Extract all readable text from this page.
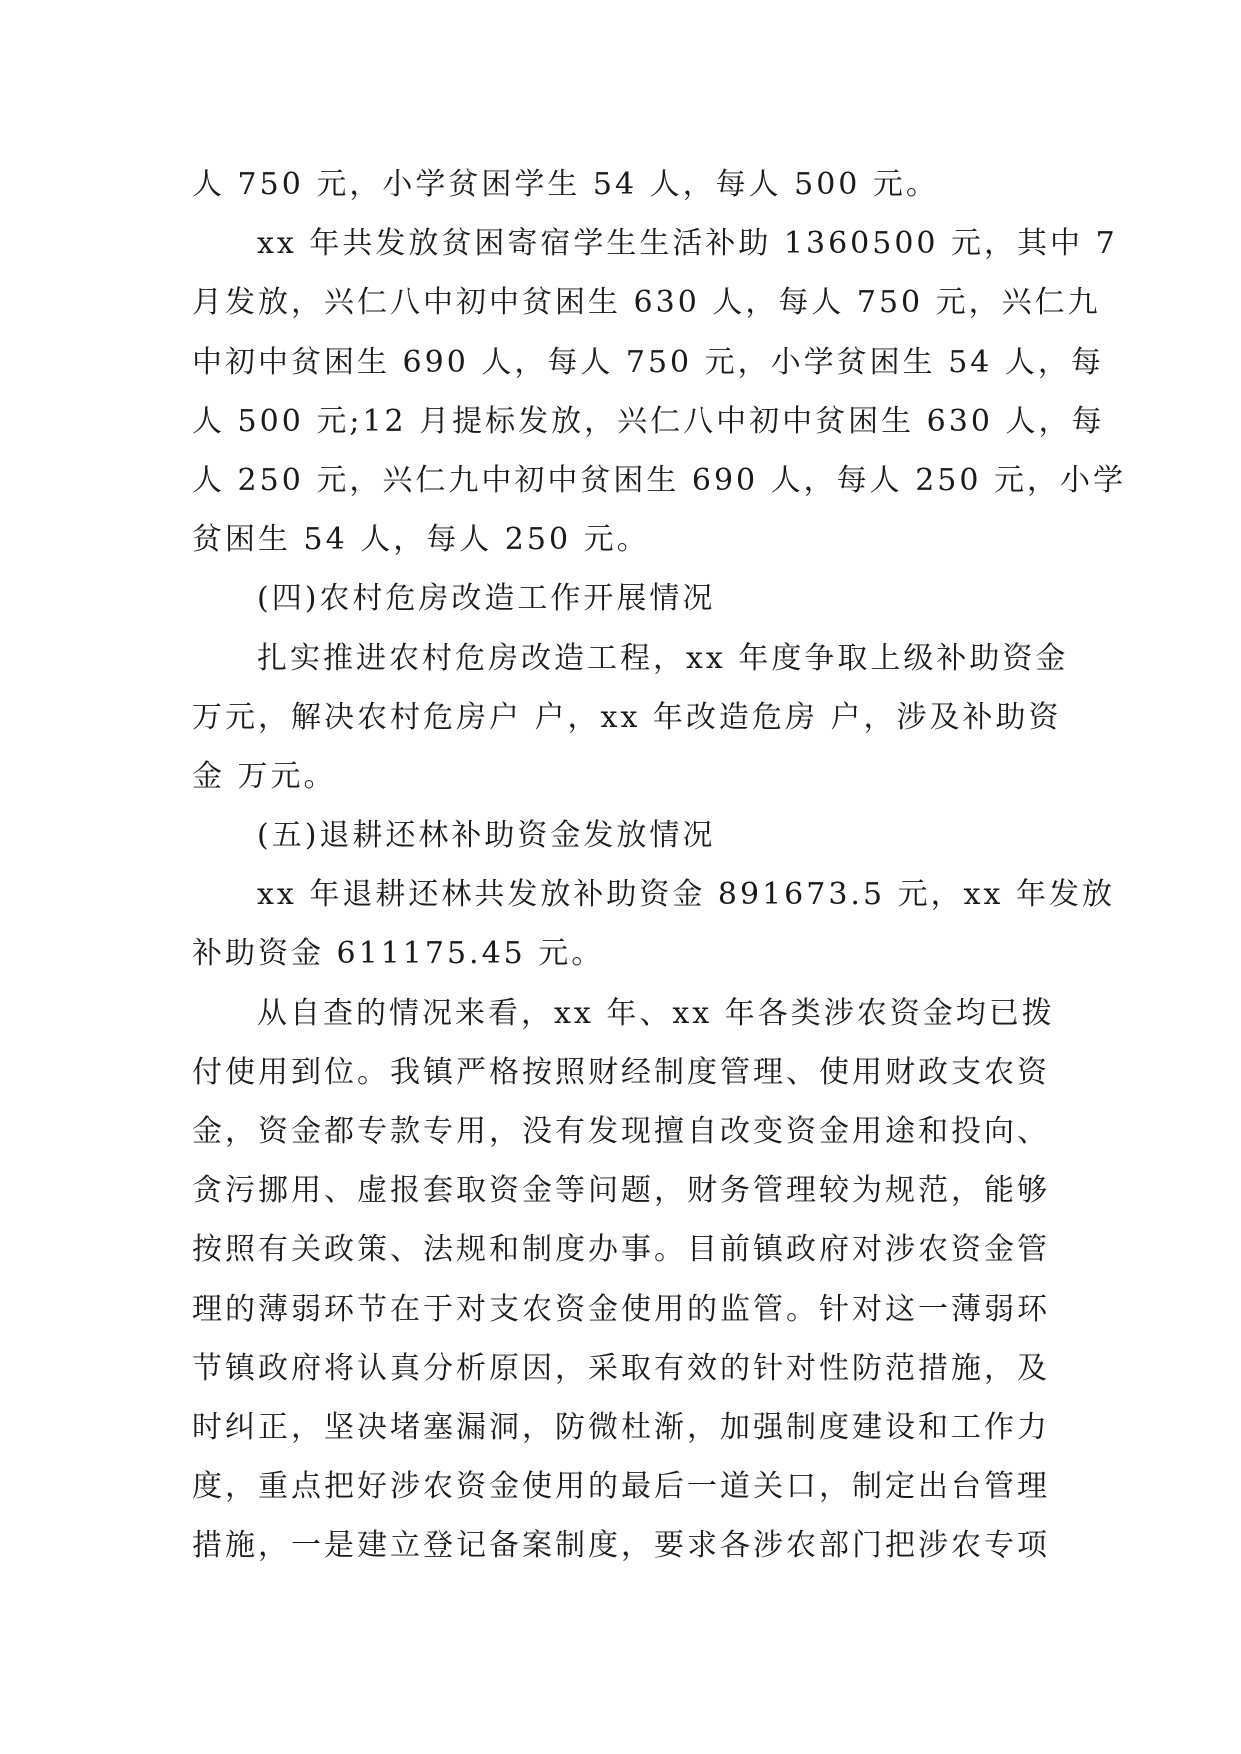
人 750 元，小学贫困学生 54 人，每人 500 元。
xx 年共发放贫困寄宿学生生活补助 1360500 元，其中 7
月发放，兴仁八中初中贫困生 630 人，每人 750 元，兴仁九
中初中贫困生 690 人，每人 750 元，小学贫困生 54 人，每
人 500 元;12 月提标发放，兴仁八中初中贫困生 630 人，每
人 250 元，兴仁九中初中贫困生 690 人，每人 250 元，小学
贫困生 54 人，每人 250 元。
(四)农村危房改造工作开展情况
扎实推进农村危房改造工程，xx 年度争取上级补助资金
万元，解决农村危房户 户，xx 年改造危房 户，涉及补助资
金 万元。
(五)退耕还林补助资金发放情况
xx 年退耕还林共发放补助资金 891673.5 元，xx 年发放
补助资金 611175.45 元。
从自查的情况来看，xx 年、xx 年各类涉农资金均已拨
付使用到位。我镇严格按照财经制度管理、使用财政支农资
金，资金都专款专用，没有发现擅自改变资金用途和投向、
贪污挪用、虚报套取资金等问题，财务管理较为规范，能够
按照有关政策、法规和制度办事。目前镇政府对涉农资金管
理的薄弱环节在于对支农资金使用的监管。针对这一薄弱环
节镇政府将认真分析原因，采取有效的针对性防范措施，及
时纠正，坚决堵塞漏洞，防微杜渐，加强制度建设和工作力
度，重点把好涉农资金使用的最后一道关口，制定出台管理
措施，一是建立登记备案制度，要求各涉农部门把涉农专项
